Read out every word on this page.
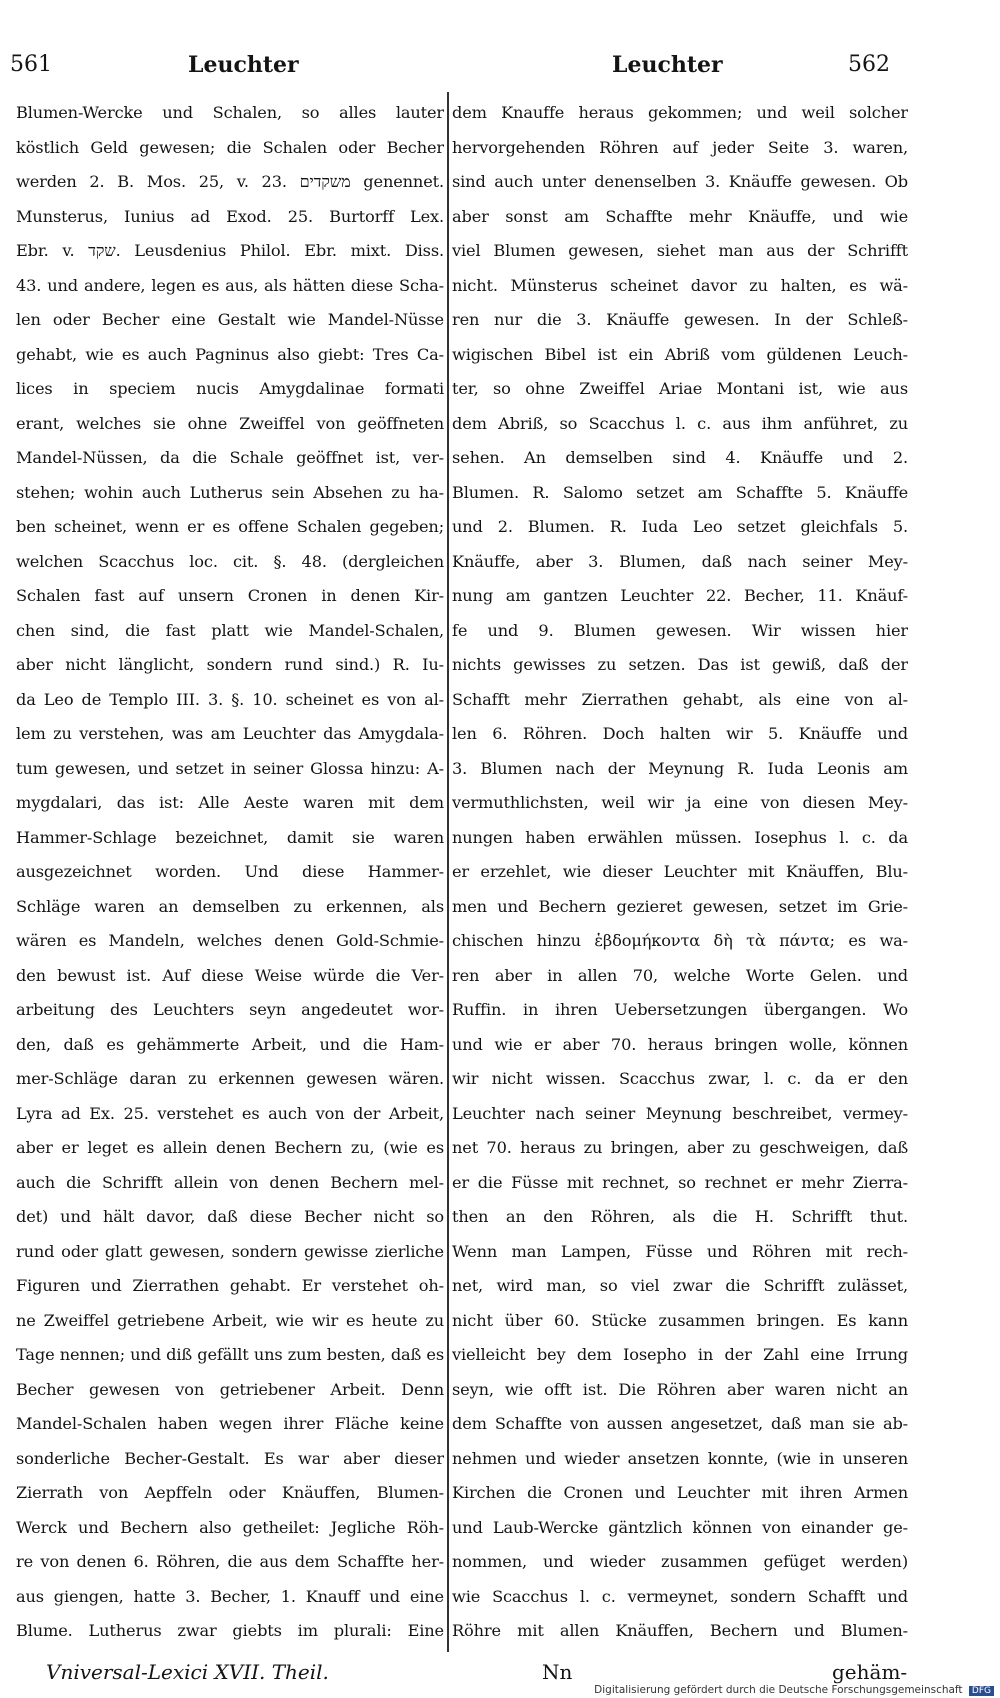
561	Leuchter	Leuchter	562
Blumen-Wercke und Schalen, so alles lauter
köstlich Geld gewesen; die Schalen oder Becher
werden 2. B. Mos. 25, v. 23. משקדים genennet.
Munsterus, Iunius ad Exod. 25. Burtorff Lex.
Ebr. v. שקד. Leusdenius Philol. Ebr. mixt. Diss.
43. und andere, legen es aus, als hätten diese Scha-
len oder Becher eine Gestalt wie Mandel-Nüsse
gehabt, wie es auch Pagninus also giebt: Tres Ca-
lices in speciem nucis Amygdalinae formati
erant, welches sie ohne Zweiffel von geöffneten
Mandel-Nüssen, da die Schale geöffnet ist, ver-
stehen; wohin auch Lutherus sein Absehen zu ha-
ben scheinet, wenn er es offene Schalen gegeben;
welchen Scacchus loc. cit. §. 48. (dergleichen
Schalen fast auf unsern Cronen in denen Kir-
chen sind, die fast platt wie Mandel-Schalen,
aber nicht länglicht, sondern rund sind.) R. Iu-
da Leo de Templo III. 3. §. 10. scheinet es von al-
lem zu verstehen, was am Leuchter das Amygdala-
tum gewesen, und setzet in seiner Glossa hinzu: A-
mygdalari, das ist: Alle Aeste waren mit dem
Hammer-Schlage bezeichnet, damit sie waren
ausgezeichnet worden. Und diese Hammer-
Schläge waren an demselben zu erkennen, als
wären es Mandeln, welches denen Gold-Schmie-
den bewust ist. Auf diese Weise würde die Ver-
arbeitung des Leuchters seyn angedeutet wor-
den, daß es gehämmerte Arbeit, und die Ham-
mer-Schläge daran zu erkennen gewesen wären.
Lyra ad Ex. 25. verstehet es auch von der Arbeit,
aber er leget es allein denen Bechern zu, (wie es
auch die Schrifft allein von denen Bechern mel-
det) und hält davor, daß diese Becher nicht so
rund oder glatt gewesen, sondern gewisse zierliche
Figuren und Zierrathen gehabt. Er verstehet oh-
ne Zweiffel getriebene Arbeit, wie wir es heute zu
Tage nennen; und diß gefällt uns zum besten, daß es
Becher gewesen von getriebener Arbeit. Denn
Mandel-Schalen haben wegen ihrer Fläche keine
sonderliche Becher-Gestalt. Es war aber dieser
Zierrath von Aepffeln oder Knäuffen, Blumen-
Werck und Bechern also getheilet: Jegliche Röh-
re von denen 6. Röhren, die aus dem Schaffte her-
aus giengen, hatte 3. Becher, 1. Knauff und eine
Blume. Lutherus zwar giebts im plurali: Eine
dem Knauffe heraus gekommen; und weil solcher
hervorgehenden Röhren auf jeder Seite 3. waren,
sind auch unter denenselben 3. Knäuffe gewesen. Ob
aber sonst am Schaffte mehr Knäuffe, und wie
viel Blumen gewesen, siehet man aus der Schrifft
nicht. Münsterus scheinet davor zu halten, es wä-
ren nur die 3. Knäuffe gewesen. In der Schleß-
wigischen Bibel ist ein Abriß vom güldenen Leuch-
ter, so ohne Zweiffel Ariae Montani ist, wie aus
dem Abriß, so Scacchus l. c. aus ihm anführet, zu
sehen. An demselben sind 4. Knäuffe und 2.
Blumen. R. Salomo setzet am Schaffte 5. Knäuffe
und 2. Blumen. R. Iuda Leo setzet gleichfals 5.
Knäuffe, aber 3. Blumen, daß nach seiner Mey-
nung am gantzen Leuchter 22. Becher, 11. Knäuf-
fe und 9. Blumen gewesen. Wir wissen hier
nichts gewisses zu setzen. Das ist gewiß, daß der
Schafft mehr Zierrathen gehabt, als eine von al-
len 6. Röhren. Doch halten wir 5. Knäuffe und
3. Blumen nach der Meynung R. Iuda Leonis am
vermuthlichsten, weil wir ja eine von diesen Mey-
nungen haben erwählen müssen. Iosephus l. c. da
er erzehlet, wie dieser Leuchter mit Knäuffen, Blu-
men und Bechern gezieret gewesen, setzet im Grie-
chischen hinzu ἑβδομήκοντα δὴ τὰ πάντα; es wa-
ren aber in allen 70, welche Worte Gelen. und
Ruffin. in ihren Uebersetzungen übergangen. Wo
und wie er aber 70. heraus bringen wolle, können
wir nicht wissen. Scacchus zwar, l. c. da er den
Leuchter nach seiner Meynung beschreibet, vermey-
net 70. heraus zu bringen, aber zu geschweigen, daß
er die Füsse mit rechnet, so rechnet er mehr Zierra-
then an den Röhren, als die H. Schrifft thut.
Wenn man Lampen, Füsse und Röhren mit rech-
net, wird man, so viel zwar die Schrifft zulässet,
nicht über 60. Stücke zusammen bringen. Es kann
vielleicht bey dem Iosepho in der Zahl eine Irrung
seyn, wie offt ist. Die Röhren aber waren nicht an
dem Schaffte von aussen angesetzet, daß man sie ab-
nehmen und wieder ansetzen konnte, (wie in unseren
Kirchen die Cronen und Leuchter mit ihren Armen
und Laub-Wercke gäntzlich können von einander ge-
nommen, und wieder zusammen gefüget werden)
wie Scacchus l. c. vermeynet, sondern Schafft und
Röhre mit allen Knäuffen, Bechern und Blumen-
Vniversal-Lexici XVII. Theil.	Nn	gehäm-
Digitalisierung gefördert durch die Deutsche Forschungsgemeinschaft DFG
